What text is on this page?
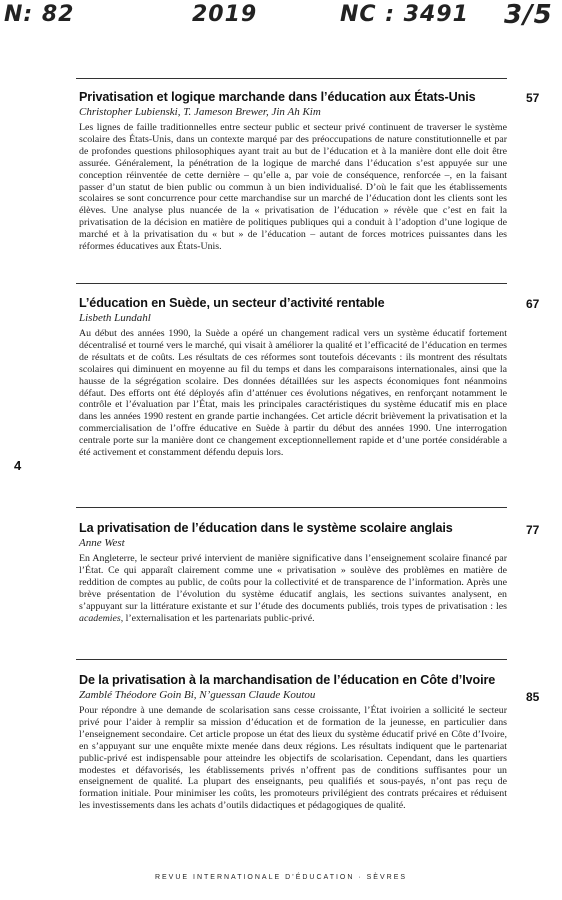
N: 82	2019	NC : 3491 3/5
Privatisation et logique marchande dans l’éducation aux États-Unis
Christopher Lubienski, T. Jameson Brewer, Jin Ah Kim

Les lignes de faille traditionnelles entre secteur public et secteur privé continuent de traverser le système scolaire des États-Unis, dans un contexte marqué par des préoccupations de nature constitutionnelle et par de profondes questions philosophiques ayant trait au but de l’éducation et à la manière dont elle doit être assurée. Généralement, la pénétration de la logique de marché dans l’éducation s’est appuyée sur une conception réinventée de cette dernière – qu’elle a, par voie de conséquence, renforcée –, en la faisant passer d’un statut de bien public ou commun à un bien individualisé. D’où le fait que les établissements scolaires se sont concurrence pour cette marchandise sur un marché de l’éducation dont les clients sont les élèves. Une analyse plus nuancée de la « privatisation de l’éducation » révèle que c’est en fait la privatisation de la décision en matière de politiques publiques qui a conduit à l’adoption d’une logique de marché et à la privatisation du « but » de l’éducation – autant de forces motrices puissantes dans les réformes éducatives aux États-Unis.

57
L’éducation en Suède, un secteur d’activité rentable
Lisbeth Lundahl

Au début des années 1990, la Suède a opéré un changement radical vers un système éducatif fortement décentralisé et tourné vers le marché, qui visait à améliorer la qualité et l’efficacité de l’éducation en termes de résultats et de coûts. Les résultats de ces réformes sont toutefois décevants : ils montrent des résultats scolaires qui diminuent en moyenne au fil du temps et dans les comparaisons internationales, ainsi que la hausse de la ségrégation scolaire. Des données détaillées sur les aspects économiques font néanmoins défaut. Des efforts ont été déployés afin d’atténuer ces évolutions négatives, en renforçant notamment le contrôle et l’évaluation par l’État, mais les principales caractéristiques du système éducatif mis en place dans les années 1990 restent en grande partie inchangées. Cet article décrit brièvement la privatisation et la commercialisation de l’offre éducative en Suède à partir du début des années 1990. Une interrogation centrale porte sur la manière dont ce changement exceptionnellement rapide et d’une portée considérable a été activement et constamment défendu depuis lors.

67
4
La privatisation de l’éducation dans le système scolaire anglais
Anne West

En Angleterre, le secteur privé intervient de manière significative dans l’enseignement scolaire financé par l’État. Ce qui apparaît clairement comme une « privatisation » soulève des problèmes en matière de reddition de comptes au public, de coûts pour la collectivité et de transparence de l’information. Après une brève présentation de l’évolution du système éducatif anglais, les sections suivantes analysent, en s’appuyant sur la littérature existante et sur l’étude des documents publiés, trois types de privatisation : les academies, l’externalisation et les partenariats public-privé.

77
De la privatisation à la marchandisation de l’éducation en Côte d’Ivoire
Zamblé Théodore Goin Bi, N’guessan Claude Koutou

Pour répondre à une demande de scolarisation sans cesse croissante, l’État ivoirien a sollicité le secteur privé pour l’aider à remplir sa mission d’éducation et de formation de la jeunesse, en particulier dans l’enseignement secondaire. Cet article propose un état des lieux du système éducatif privé en Côte d’Ivoire, en s’appuyant sur une enquête mixte menée dans deux régions. Les résultats indiquent que le partenariat public-privé est indispensable pour atteindre les objectifs de scolarisation. Cependant, dans les quartiers modestes et défavorisés, les établissements privés n’offrent pas de conditions suffisantes pour un enseignement de qualité. La plupart des enseignants, peu qualifiés et sous-payés, n’ont pas reçu de formation initiale. Pour minimiser les coûts, les promoteurs privilégient des contrats précaires et réduisent les investissements dans les achats d’outils didactiques et pédagogiques de qualité.

85
REVUE INTERNATIONALE D’ÉDUCATION · SÈVRES
